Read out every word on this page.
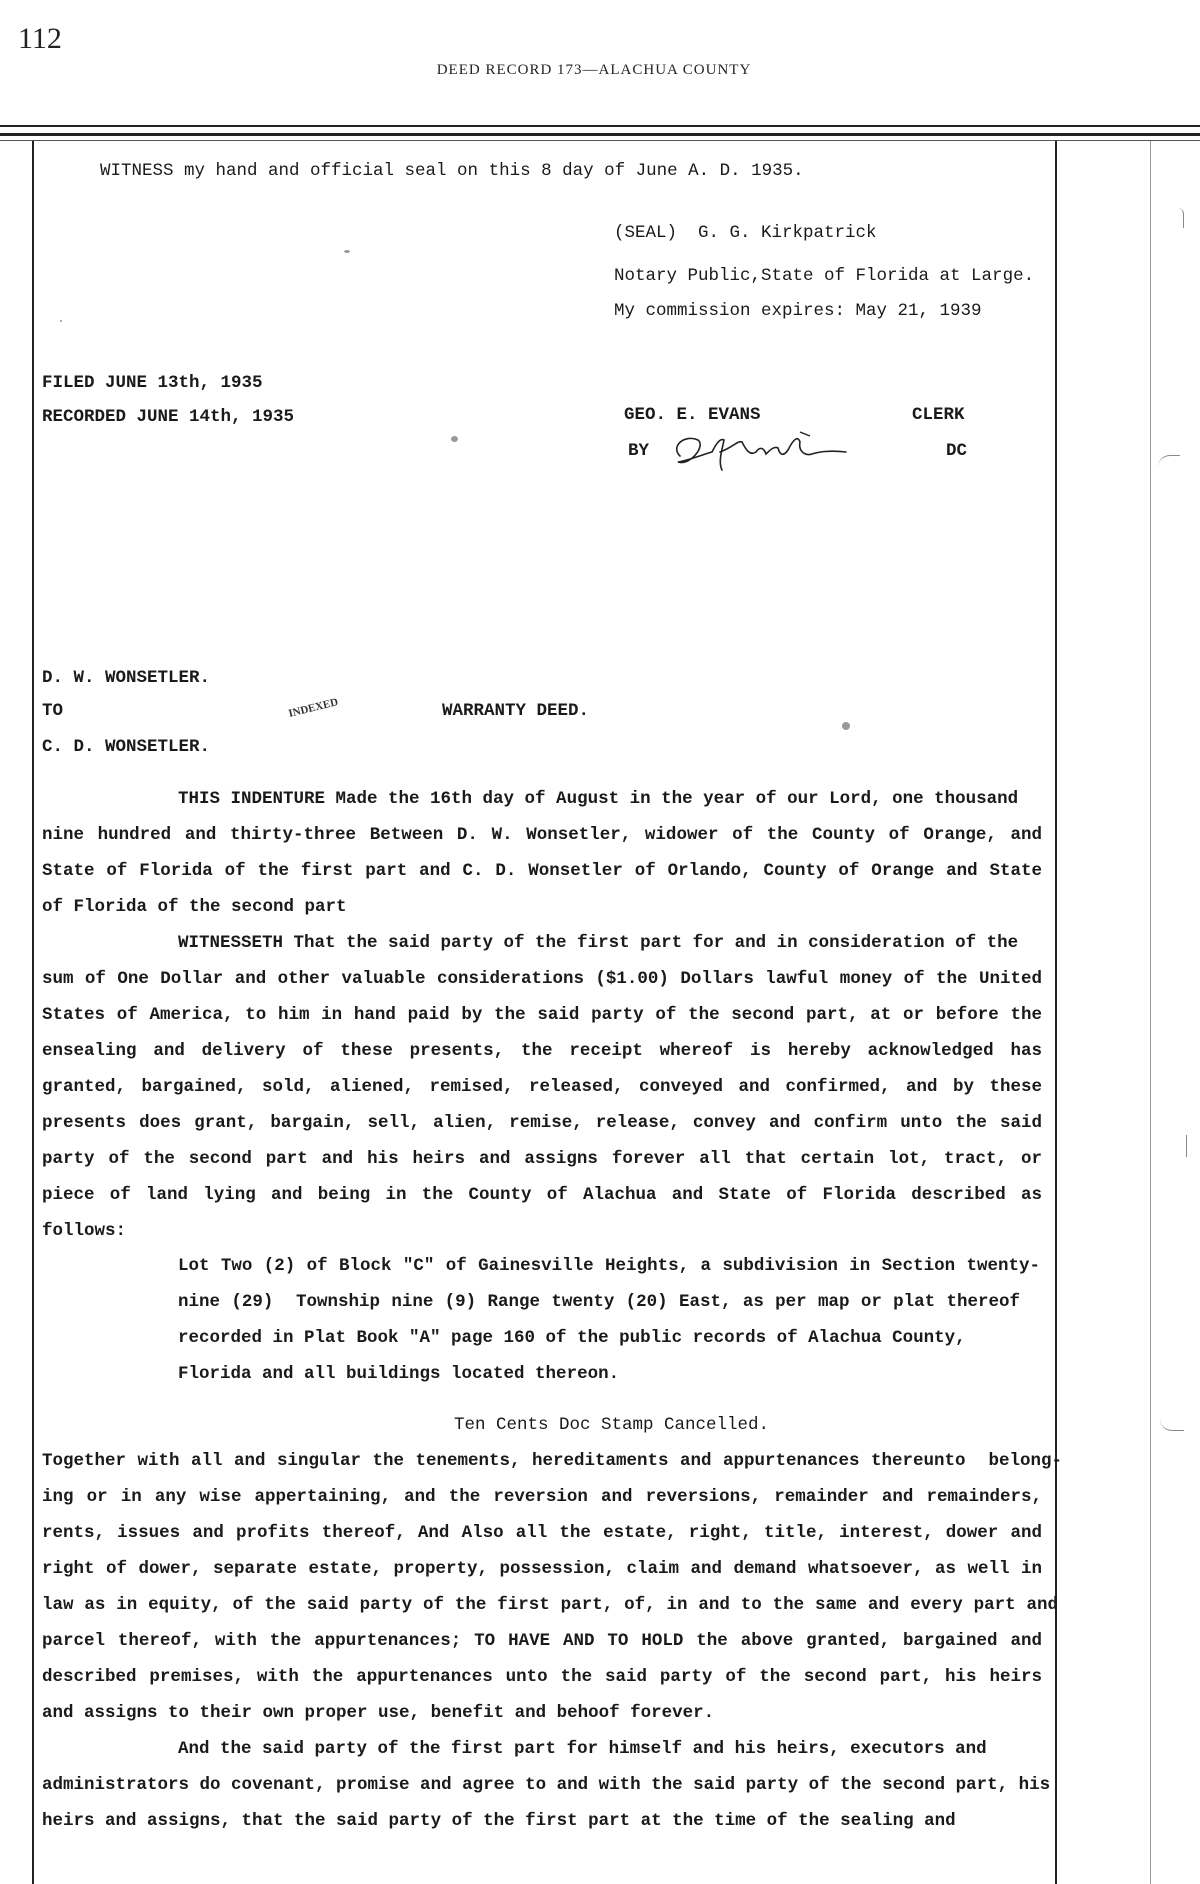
112
DEED RECORD 173—ALACHUA COUNTY
WITNESS my hand and official seal on this 8 day of June A. D. 1935.
(SEAL)  G. G. Kirkpatrick
Notary Public,State of Florida at Large.
My commission expires: May 21, 1939
FILED JUNE 13th, 1935
RECORDED JUNE 14th, 1935	GEO. E. EVANS	CLERK
BY	DC
D. W. WONSETLER.
TO	INDEXED	WARRANTY DEED.
C. D. WONSETLER.
THIS INDENTURE Made the 16th day of August in the year of our Lord, one thousand
nine hundred and thirty-three Between D. W. Wonsetler, widower of the County of Orange, and
State of Florida of the first part and C. D. Wonsetler of Orlando, County of Orange and State
of Florida of the second part
WITNESSETH That the said party of the first part for and in consideration of the
sum of One Dollar and other valuable considerations ($1.00) Dollars lawful money of the United
States of America, to him in hand paid by the said party of the second part, at or before the
ensealing and delivery of these presents, the receipt whereof is hereby acknowledged has
granted, bargained, sold, aliened, remised, released, conveyed and confirmed, and by these
presents does grant, bargain, sell, alien, remise, release, convey and confirm unto the said
party of the second part and his heirs and assigns forever all that certain lot, tract, or
piece of land lying and being in the County of Alachua and State of Florida described as
follows:
Lot Two (2) of Block "C" of Gainesville Heights, a subdivision in Section twenty-
nine (29)  Township nine (9) Range twenty (20) East, as per map or plat thereof
recorded in Plat Book "A" page 160 of the public records of Alachua County,
Florida and all buildings located thereon.
Ten Cents Doc Stamp Cancelled.
Together with all and singular the tenements, hereditaments and appurtenances thereunto  belong-
ing or in any wise appertaining, and the reversion and reversions, remainder and remainders,
rents, issues and profits thereof, And Also all the estate, right, title, interest, dower and
right of dower, separate estate, property, possession, claim and demand whatsoever, as well in
law as in equity, of the said party of the first part, of, in and to the same and every part and
parcel thereof, with the appurtenances; TO HAVE AND TO HOLD the above granted, bargained and
described premises, with the appurtenances unto the said party of the second part, his heirs
and assigns to their own proper use, benefit and behoof forever.
And the said party of the first part for himself and his heirs, executors and
administrators do covenant, promise and agree to and with the said party of the second part, his
heirs and assigns, that the said party of the first part at the time of the sealing and
